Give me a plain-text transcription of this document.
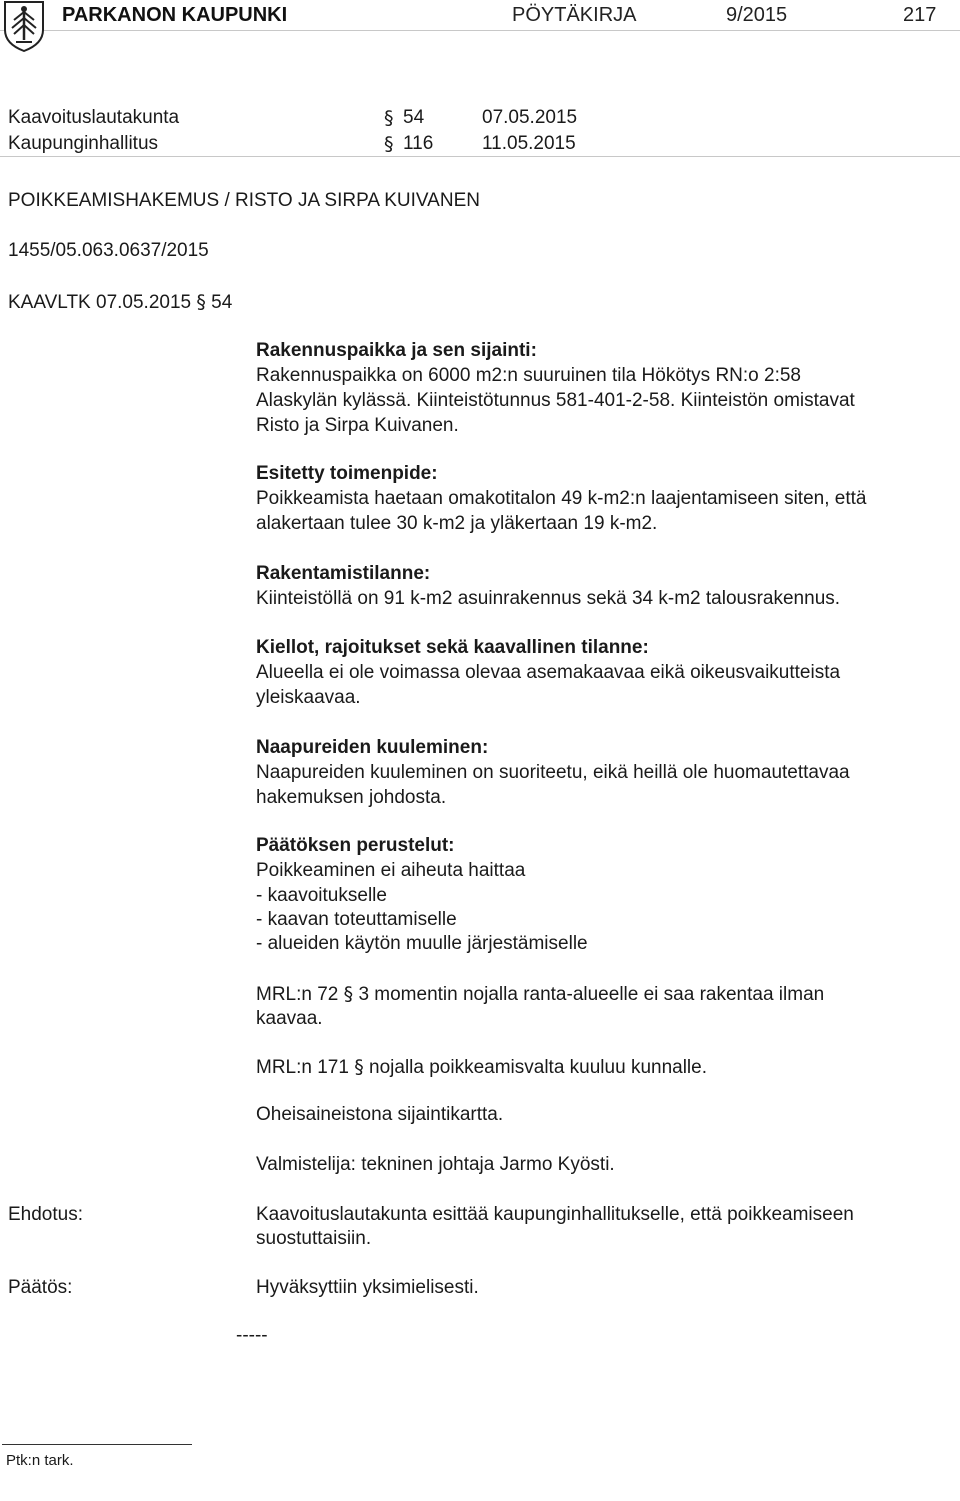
PARKANON KAUPUNKI	PÖYTÄKIRJA	9/2015	217
Kaavoituslautakunta	§ 54	07.05.2015
Kaupunginhallitus	§ 116	11.05.2015
POIKKEAMISHAKEMUS / RISTO JA SIRPA KUIVANEN
1455/05.063.0637/2015
KAAVLTK 07.05.2015 § 54
Rakennuspaikka ja sen sijainti:
Rakennuspaikka on 6000 m2:n suuruinen tila Hökötys RN:o 2:58
Alaskylän kylässä. Kiinteistötunnus 581-401-2-58. Kiinteistön omistavat
Risto ja Sirpa Kuivanen.
Esitetty toimenpide:
Poikkeamista haetaan omakotitalon 49 k-m2:n laajentamiseen siten, että
alakertaan tulee 30 k-m2 ja yläkertaan 19 k-m2.
Rakentamistilanne:
Kiinteistöllä on 91 k-m2 asuinrakennus sekä 34 k-m2 talousrakennus.
Kiellot, rajoitukset sekä kaavallinen tilanne:
Alueella ei ole voimassa olevaa asemakaavaa eikä oikeusvaikutteista
yleiskaavaa.
Naapureiden kuuleminen:
Naapureiden kuuleminen on suoriteetu, eikä heillä ole huomautettavaa
hakemuksen johdosta.
Päätöksen perustelut:
Poikkeaminen ei aiheuta haittaa
- kaavoitukselle
- kaavan toteuttamiselle
- alueiden käytön muulle järjestämiselle
MRL:n 72 § 3 momentin nojalla ranta-alueelle ei saa rakentaa ilman
kaavaa.
MRL:n 171 § nojalla poikkeamisvalta kuuluu kunnalle.
Oheisaineistona sijaintikartta.
Valmistelija: tekninen johtaja Jarmo Kyösti.
Ehdotus:	Kaavoituslautakunta esittää kaupunginhallitukselle, että poikkeamiseen
suostuttaisiin.
Päätös:	Hyväksyttiin yksimielisesti.
-----
Ptk:n tark.
